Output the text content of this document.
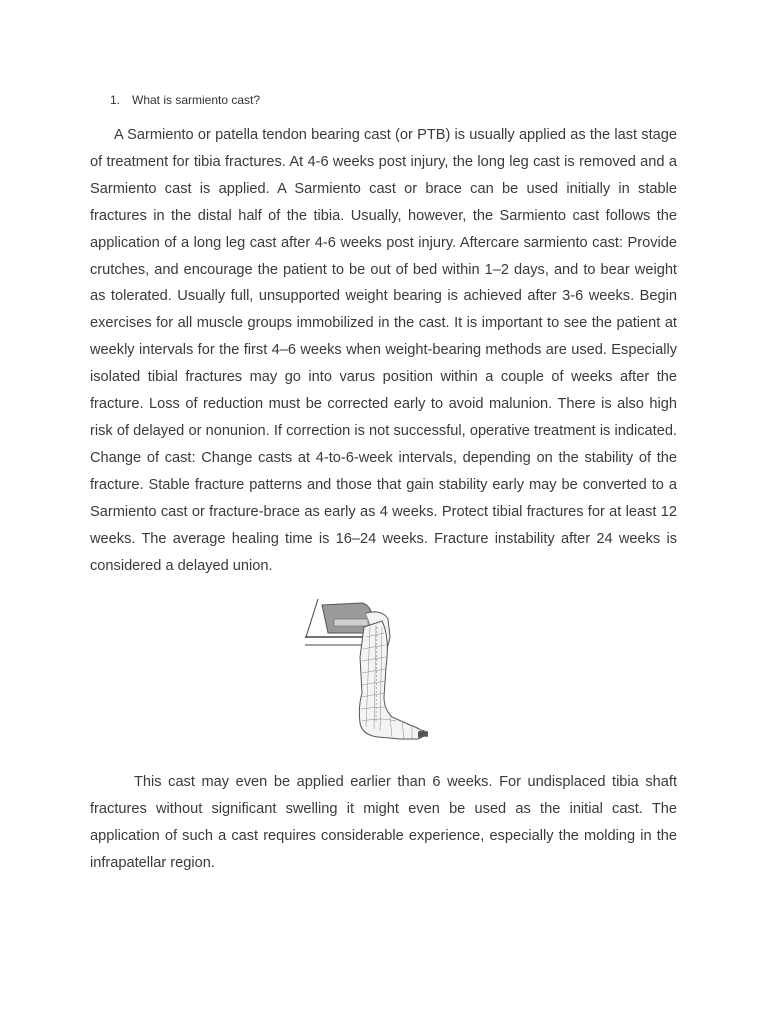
1. What is sarmiento cast?

A Sarmiento or patella tendon bearing cast (or PTB) is usually applied as the last stage of treatment for tibia fractures. At 4-6 weeks post injury, the long leg cast is removed and a Sarmiento cast is applied. A Sarmiento cast or brace can be used initially in stable fractures in the distal half of the tibia. Usually, however, the Sarmiento cast follows the application of a long leg cast after 4-6 weeks post injury. Aftercare sarmiento cast: Provide crutches, and encourage the patient to be out of bed within 1–2 days, and to bear weight as tolerated. Usually full, unsupported weight bearing is achieved after 3-6 weeks. Begin exercises for all muscle groups immobilized in the cast. It is important to see the patient at weekly intervals for the first 4–6 weeks when weight-bearing methods are used. Especially isolated tibial fractures may go into varus position within a couple of weeks after the fracture. Loss of reduction must be corrected early to avoid malunion. There is also high risk of delayed or nonunion. If correction is not successful, operative treatment is indicated. Change of cast: Change casts at 4-to-6-week intervals, depending on the stability of the fracture. Stable fracture patterns and those that gain stability early may be converted to a Sarmiento cast or fracture-brace as early as 4 weeks. Protect tibial fractures for at least 12 weeks. The average healing time is 16–24 weeks. Fracture instability after 24 weeks is considered a delayed union.

This cast may even be applied earlier than 6 weeks. For undisplaced tibia shaft fractures without significant swelling it might even be used as the initial cast. The application of such a cast requires considerable experience, especially the molding in the infrapatellar region.
